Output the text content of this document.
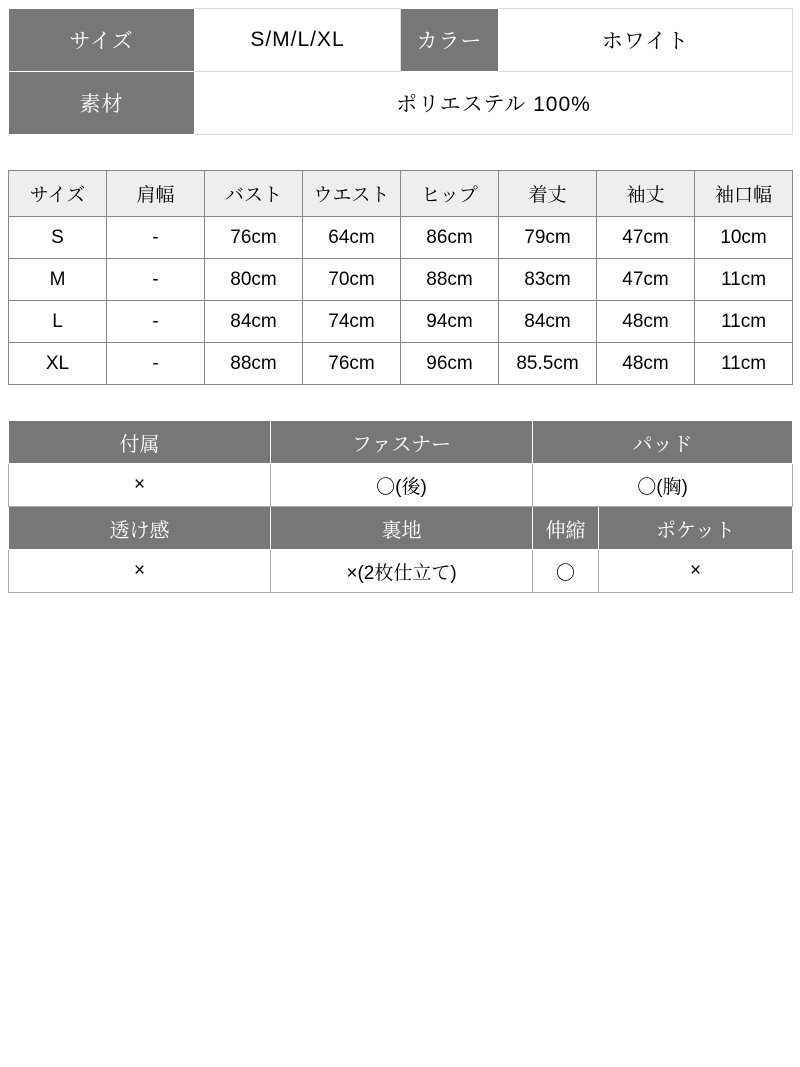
サイズ	S/M/L/XL	カラー	ホワイト
素材	ポリエステル 100%		
サイズ	肩幅	バスト	ウエスト	ヒップ	着丈	袖丈	袖口幅
S	-	76cm	64cm	86cm	79cm	47cm	10cm
M	-	80cm	70cm	88cm	83cm	47cm	11cm
L	-	84cm	74cm	94cm	84cm	48cm	11cm
XL	-	88cm	76cm	96cm	85.5cm	48cm	11cm
付属	ファスナー	パッド	
×	〇(後)	〇(胸)	
透け感	裏地	伸縮	ポケット
×	×(2枚仕立て)	〇	×
